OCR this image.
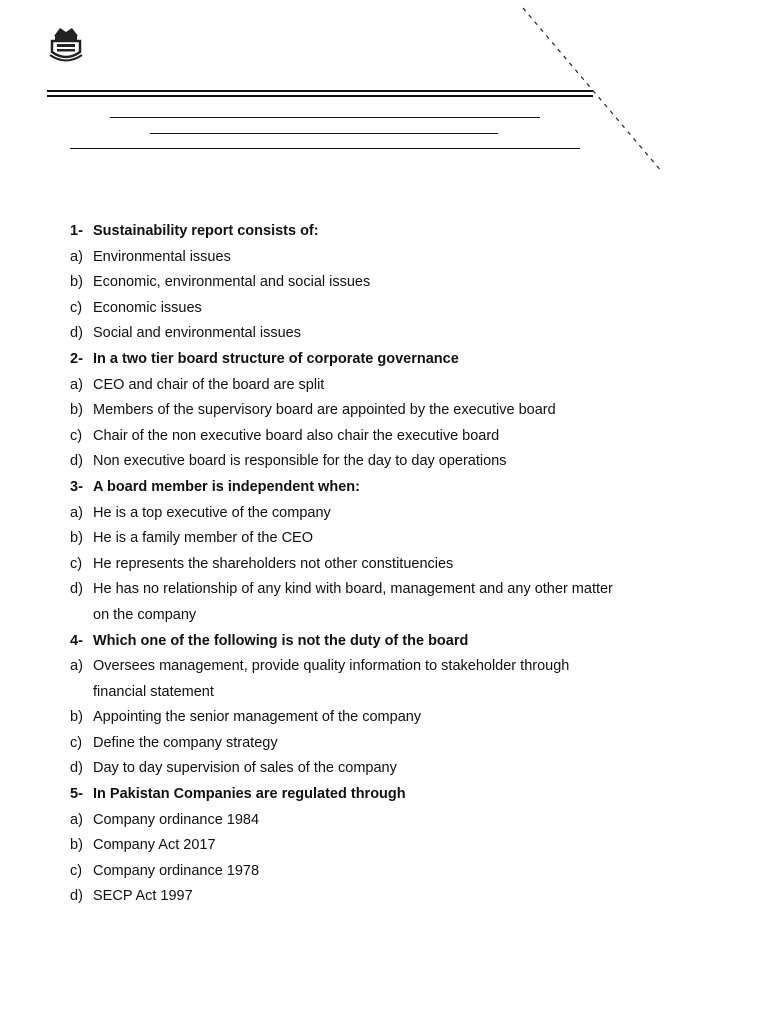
1- Sustainability report consists of:
a) Environmental issues
b) Economic, environmental and social issues
c) Economic issues
d) Social and environmental issues
2- In a two tier board structure of corporate governance
a) CEO and chair of the board are split
b) Members of the supervisory board are appointed by the executive board
c) Chair of the non executive board also chair the executive board
d) Non executive board is responsible for the day to day operations
3- A board member is independent when:
a) He is a top executive of the company
b) He is a family member of the CEO
c) He represents the shareholders not other constituencies
d) He has no relationship of any kind with board, management and any other matter
on the company
4- Which one of the following is not the duty of the board
a) Oversees management, provide quality information to stakeholder through
financial statement
b) Appointing the senior management of the company
c) Define the company strategy
d) Day to day supervision of sales of the company
5- In Pakistan Companies are regulated through
a) Company ordinance 1984
b) Company Act 2017
c) Company ordinance 1978
d) SECP Act 1997
